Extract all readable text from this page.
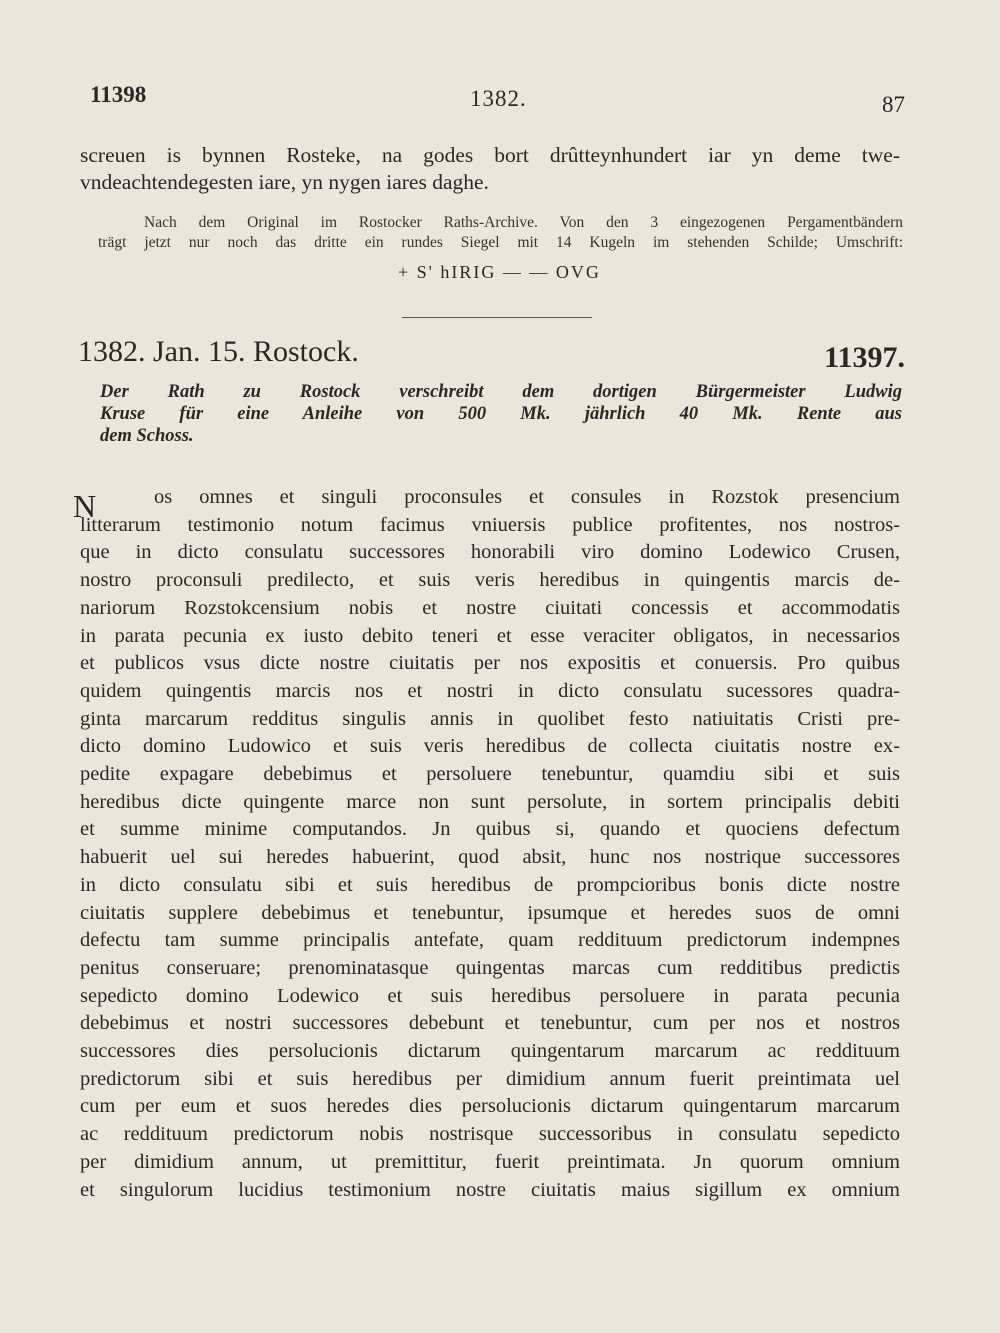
11398	1382.	87
screuen is bynnen Rosteke, na godes bort drûtteynhundert iar yn deme twe-
vndeachtendegesten iare, yn nygen iares daghe.
Nach dem Original im Rostocker Raths-Archive. Von den 3 eingezogenen Pergamentbändern
trägt jetzt nur noch das dritte ein rundes Siegel mit 14 Kugeln im stehenden Schilde; Umschrift:
+ S' hIRIG — — OVG
1382. Jan. 15. Rostock.	11397.
Der Rath zu Rostock verschreibt dem dortigen Bürgermeister Ludwig
Kruse für eine Anleihe von 500 Mk. jährlich 40 Mk. Rente aus
dem Schoss.
N	os omnes et singuli proconsules et consules in Rozstok presencium
litterarum testimonio notum facimus vniuersis publice profitentes, nos nostros-
que in dicto consulatu successores honorabili viro domino Lodewico Crusen,
nostro proconsuli predilecto, et suis veris heredibus in quingentis marcis de-
nariorum Rozstokcensium nobis et nostre ciuitati concessis et accommodatis
in parata pecunia ex iusto debito teneri et esse veraciter obligatos, in necessarios
et publicos vsus dicte nostre ciuitatis per nos expositis et conuersis. Pro quibus
quidem quingentis marcis nos et nostri in dicto consulatu sucessores quadra-
ginta marcarum redditus singulis annis in quolibet festo natiuitatis Cristi pre-
dicto domino Ludowico et suis veris heredibus de collecta ciuitatis nostre ex-
pedite expagare debebimus et persoluere tenebuntur, quamdiu sibi et suis
heredibus dicte quingente marce non sunt persolute, in sortem principalis debiti
et summe minime computandos. Jn quibus si, quando et quociens defectum
habuerit uel sui heredes habuerint, quod absit, hunc nos nostrique successores
in dicto consulatu sibi et suis heredibus de prompcioribus bonis dicte nostre
ciuitatis supplere debebimus et tenebuntur, ipsumque et heredes suos de omni
defectu tam summe principalis antefate, quam reddituum predictorum indempnes
penitus conseruare; prenominatasque quingentas marcas cum redditibus predictis
sepedicto domino Lodewico et suis heredibus persoluere in parata pecunia
debebimus et nostri successores debebunt et tenebuntur, cum per nos et nostros
successores dies persolucionis dictarum quingentarum marcarum ac reddituum
predictorum sibi et suis heredibus per dimidium annum fuerit preintimata uel
cum per eum et suos heredes dies persolucionis dictarum quingentarum marcarum
ac reddituum predictorum nobis nostrisque successoribus in consulatu sepedicto
per dimidium annum, ut premittitur, fuerit preintimata. Jn quorum omnium
et singulorum lucidius testimonium nostre ciuitatis maius sigillum ex omnium
